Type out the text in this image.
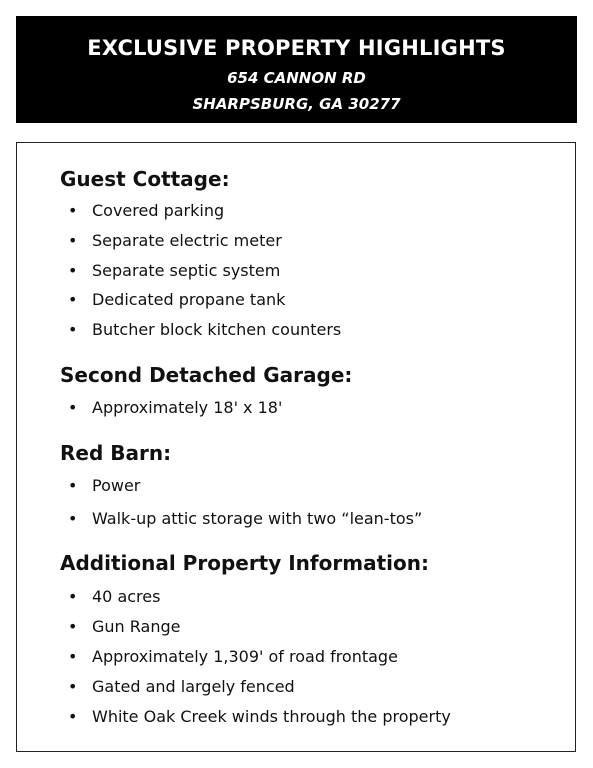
EXCLUSIVE PROPERTY HIGHLIGHTS
654 CANNON RD
SHARPSBURG, GA 30277
Guest Cottage:
• Covered parking
• Separate electric meter
• Separate septic system
• Dedicated propane tank
• Butcher block kitchen counters
Second Detached Garage:
• Approximately 18' x 18'
Red Barn:
• Power
• Walk-up attic storage with two “lean-tos”
Additional Property Information:
• 40 acres
• Gun Range
• Approximately 1,309' of road frontage
• Gated and largely fenced
• White Oak Creek winds through the property
